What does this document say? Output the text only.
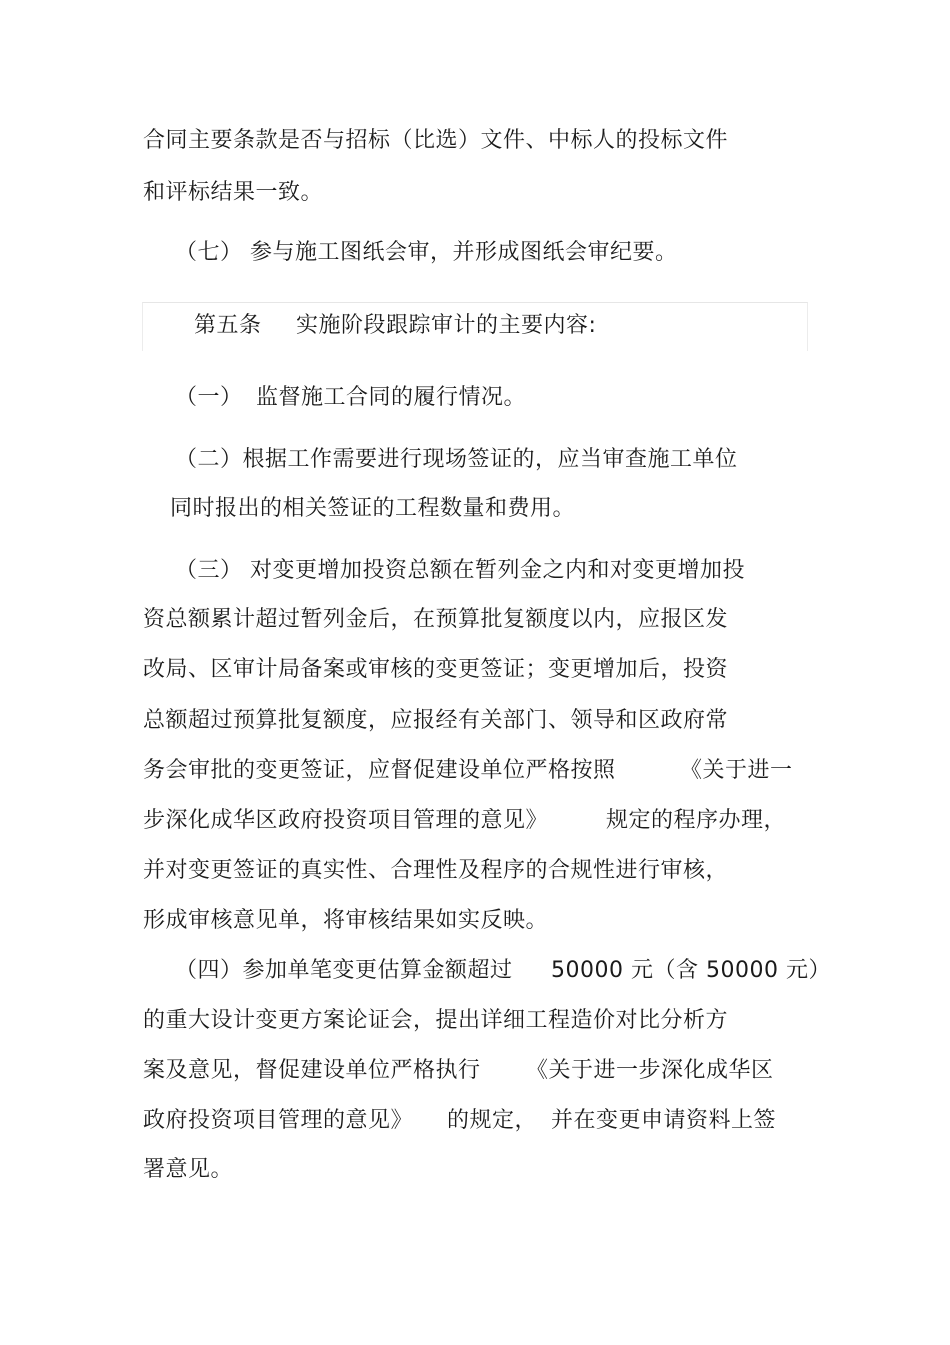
合同主要条款是否与招标（比选）文件、中标人的投标文件
和评标结果一致。
（七） 参与施工图纸会审，并形成图纸会审纪要。
第五条 实施阶段跟踪审计的主要内容:
（一） 监督施工合同的履行情况。
（二）根据工作需要进行现场签证的，应当审查施工单位
同时报出的相关签证的工程数量和费用。
（三） 对变更增加投资总额在暂列金之内和对变更增加投
资总额累计超过暂列金后，在预算批复额度以内，应报区发
改局、区审计局备案或审核的变更签证；变更增加后，投资
总额超过预算批复额度，应报经有关部门、领导和区政府常
务会审批的变更签证，应督促建设单位严格按照	《关于进一
步深化成华区政府投资项目管理的意见》	规定的程序办理，
并对变更签证的真实性、合理性及程序的合规性进行审核，
形成审核意见单，将审核结果如实反映。
（四）参加单笔变更估算金额超过 50000 元（含 50000 元）
的重大设计变更方案论证会，提出详细工程造价对比分析方
案及意见，督促建设单位严格执行 《关于进一步深化成华区
政府投资项目管理的意见》 的规定， 并在变更申请资料上签
署意见。
